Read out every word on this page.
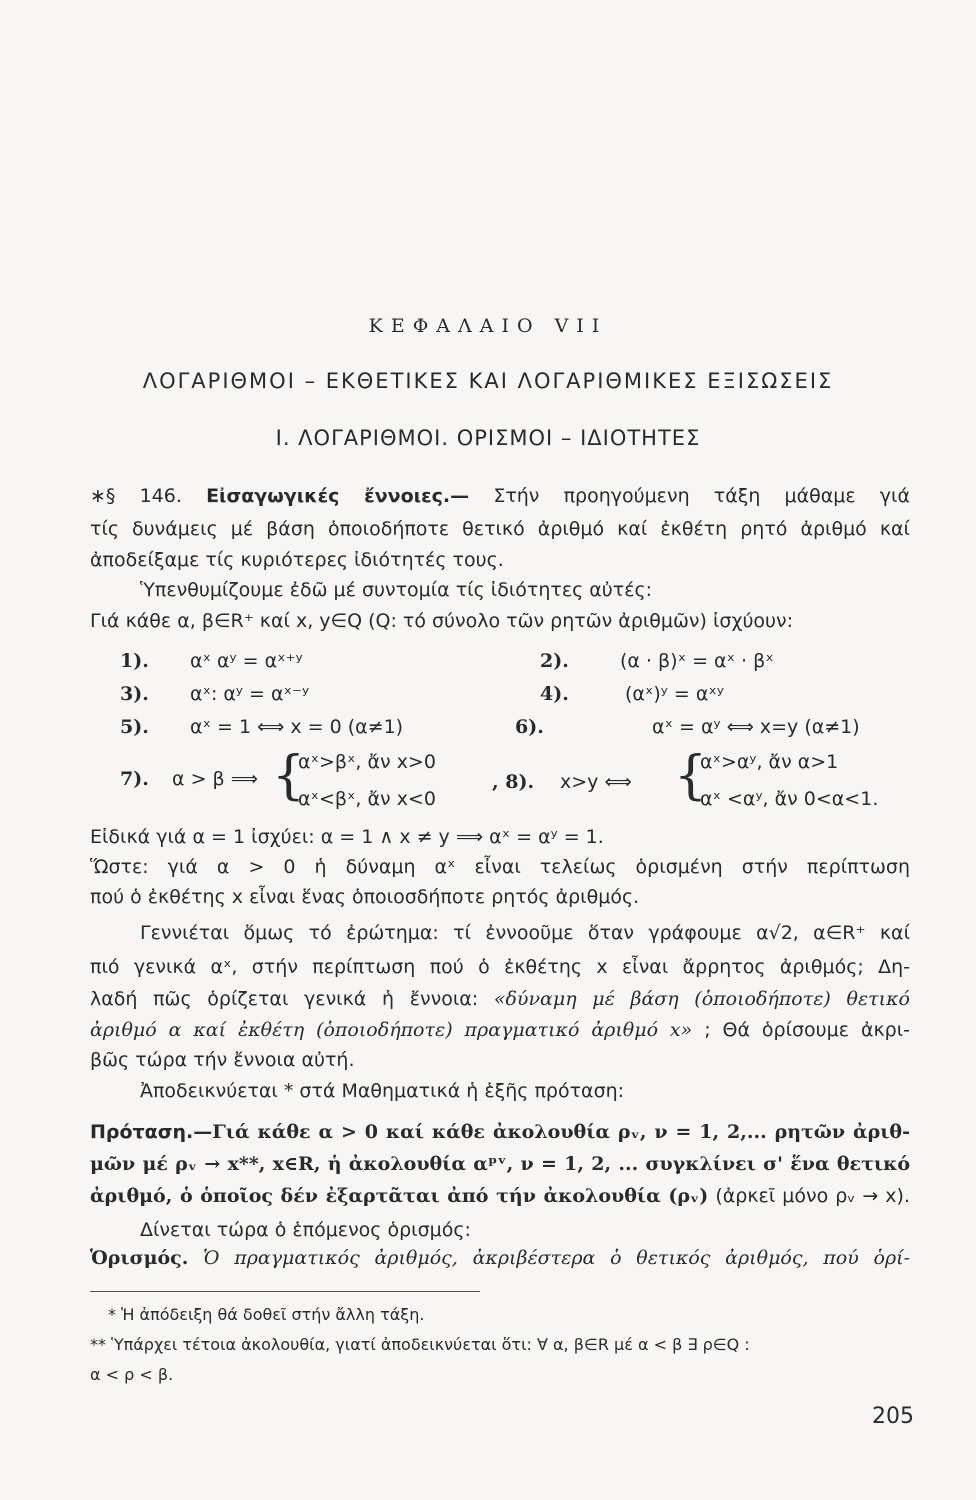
ΚΕΦΑΛΑΙΟ VII
ΛΟΓΑΡΙΘΜΟΙ – ΕΚΘΕΤΙΚΕΣ ΚΑΙ ΛΟΓΑΡΙΘΜΙΚΕΣ ΕΞΙΣΩΣΕΙΣ
Ι. ΛΟΓΑΡΙΘΜΟΙ. ΟΡΙΣΜΟΙ – ΙΔΙΟΤΗΤΕΣ
∗§ 146. Εἰσαγωγικές ἔννοιες.— Στήν προηγούμενη τάξη μάθαμε γιά
τίς δυνάμεις μέ βάση ὁποιοδήποτε θετικό ἀριθμό καί ἐκθέτη ρητό ἀριθμό καί
ἀποδείξαμε τίς κυριότερες ἰδιότητές τους.
Ὑπενθυμίζουμε ἐδῶ μέ συντομία τίς ἰδιότητες αὐτές:
Γιά κάθε α, β∈R⁺ καί x, y∈Q (Q: τό σύνολο τῶν ρητῶν ἀριθμῶν) ἰσχύουν:
1). αˣ αʸ = αˣ⁺ʸ	2).	(α · β)ˣ = αˣ · βˣ
3). αˣ: αʸ = αˣ⁻ʸ	4).	(αˣ)ʸ = αˣʸ
5). αˣ = 1 ⟺ x = 0 (α≠1)	6).	αˣ = αʸ ⟺ x=y (α≠1)
7). α > β ⟹ {
αˣ>βˣ, ἄν x>0
αˣ<βˣ, ἄν x<0
, 8). x>y ⟺ {
αˣ>αʸ, ἄν α>1
αˣ <αʸ, ἄν 0<α<1.
Εἰδικά γιά α = 1 ἰσχύει: α = 1 ∧ x ≠ y ⟹ αˣ = αʸ = 1.
Ὥστε: γιά α > 0 ἡ δύναμη αˣ εἶναι τελείως ὁρισμένη στήν περίπτωση
πού ὁ ἐκθέτης x εἶναι ἕνας ὁποιοσδήποτε ρητός ἀριθμός.
Γεννιέται ὅμως τό ἐρώτημα: τί ἐννοοῦμε ὅταν γράφουμε α√2, α∈R⁺ καί
πιό γενικά αˣ, στήν περίπτωση πού ὁ ἐκθέτης x εἶναι ἄρρητος ἀριθμός; Δη-
λαδή πῶς ὁρίζεται γενικά ἡ ἔννοια: «δύναμη μέ βάση (ὁποιοδήποτε) θετικό
ἀριθμό α καί ἐκθέτη (ὁποιοδήποτε) πραγματικό ἀριθμό x» ; Θά ὁρίσουμε ἀκρι-
βῶς τώρα τήν ἔννοια αὐτή.
Ἀποδεικνύεται * στά Μαθηματικά ἡ ἑξῆς πρόταση:
Πρόταση.—Γιά κάθε α > 0 καί κάθε ἀκολουθία ρᵥ, ν = 1, 2,... ρητῶν ἀριθ-
μῶν μέ ρᵥ → x**, x∈R, ἡ ἀκολουθία αᵖᵛ, ν = 1, 2, ... συγκλίνει σ' ἕνα θετικό
ἀριθμό, ὁ ὁποῖος δέν ἐξαρτᾶται ἀπό τήν ἀκολουθία (ρᵥ) (ἀρκεῖ μόνο ρᵥ → x).
Δίνεται τώρα ὁ ἑπόμενος ὁρισμός:
Ὁρισμός. Ὁ πραγματικός ἀριθμός, ἀκριβέστερα ὁ θετικός ἀριθμός, πού ὁρί-
* Ἡ ἀπόδειξη θά δοθεῖ στήν ἄλλη τάξη.
** Ὑπάρχει τέτοια ἀκολουθία, γιατί ἀποδεικνύεται ὅτι: ∀ α, β∈R μέ α < β ∃ ρ∈Q :
α < ρ < β.
205
